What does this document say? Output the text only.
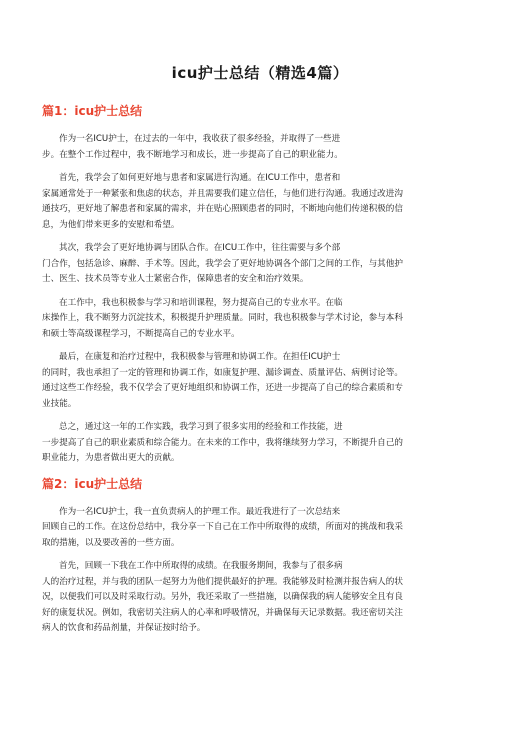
icu护士总结（精选4篇）
篇1：icu护士总结
作为一名ICU护士，在过去的一年中，我收获了很多经验，并取得了一些进
步。在整个工作过程中，我不断地学习和成长，进一步提高了自己的职业能力。
首先，我学会了如何更好地与患者和家属进行沟通。在ICU工作中，患者和
家属通常处于一种紧张和焦虑的状态，并且需要我们建立信任，与他们进行沟通。我通过改进沟
通技巧，更好地了解患者和家属的需求，并在贴心照顾患者的同时，不断地向他们传递积极的信
息，为他们带来更多的安慰和希望。
其次，我学会了更好地协调与团队合作。在ICU工作中，往往需要与多个部
门合作，包括急诊、麻醉、手术等。因此，我学会了更好地协调各个部门之间的工作，与其他护
士、医生、技术员等专业人士紧密合作，保障患者的安全和治疗效果。
在工作中，我也积极参与学习和培训课程，努力提高自己的专业水平。在临
床操作上，我不断努力沉淀技术，积极提升护理质量。同时，我也积极参与学术讨论，参与本科
和硕士等高级课程学习，不断提高自己的专业水平。
最后，在康复和治疗过程中，我积极参与管理和协调工作。在担任ICU护士
的同时，我也承担了一定的管理和协调工作，如康复护理、漏诊调查、质量评估、病例讨论等。
通过这些工作经验，我不仅学会了更好地组织和协调工作，还进一步提高了自己的综合素质和专
业技能。
总之，通过这一年的工作实践，我学习到了很多实用的经验和工作技能，进
一步提高了自己的职业素质和综合能力。在未来的工作中，我将继续努力学习，不断提升自己的
职业能力，为患者做出更大的贡献。
篇2：icu护士总结
作为一名ICU护士，我一直负责病人的护理工作。最近我进行了一次总结来
回顾自己的工作。在这份总结中，我分享一下自己在工作中所取得的成绩，所面对的挑战和我采
取的措施，以及要改善的一些方面。
首先，回顾一下我在工作中所取得的成绩。在我服务期间，我参与了很多病
人的治疗过程，并与我的团队一起努力为他们提供最好的护理。我能够及时检测并报告病人的状
况，以便我们可以及时采取行动。另外，我还采取了一些措施，以确保我的病人能够安全且有良
好的康复状况。例如，我密切关注病人的心率和呼吸情况，并确保每天记录数据。我还密切关注
病人的饮食和药品剂量，并保证按时给予。
